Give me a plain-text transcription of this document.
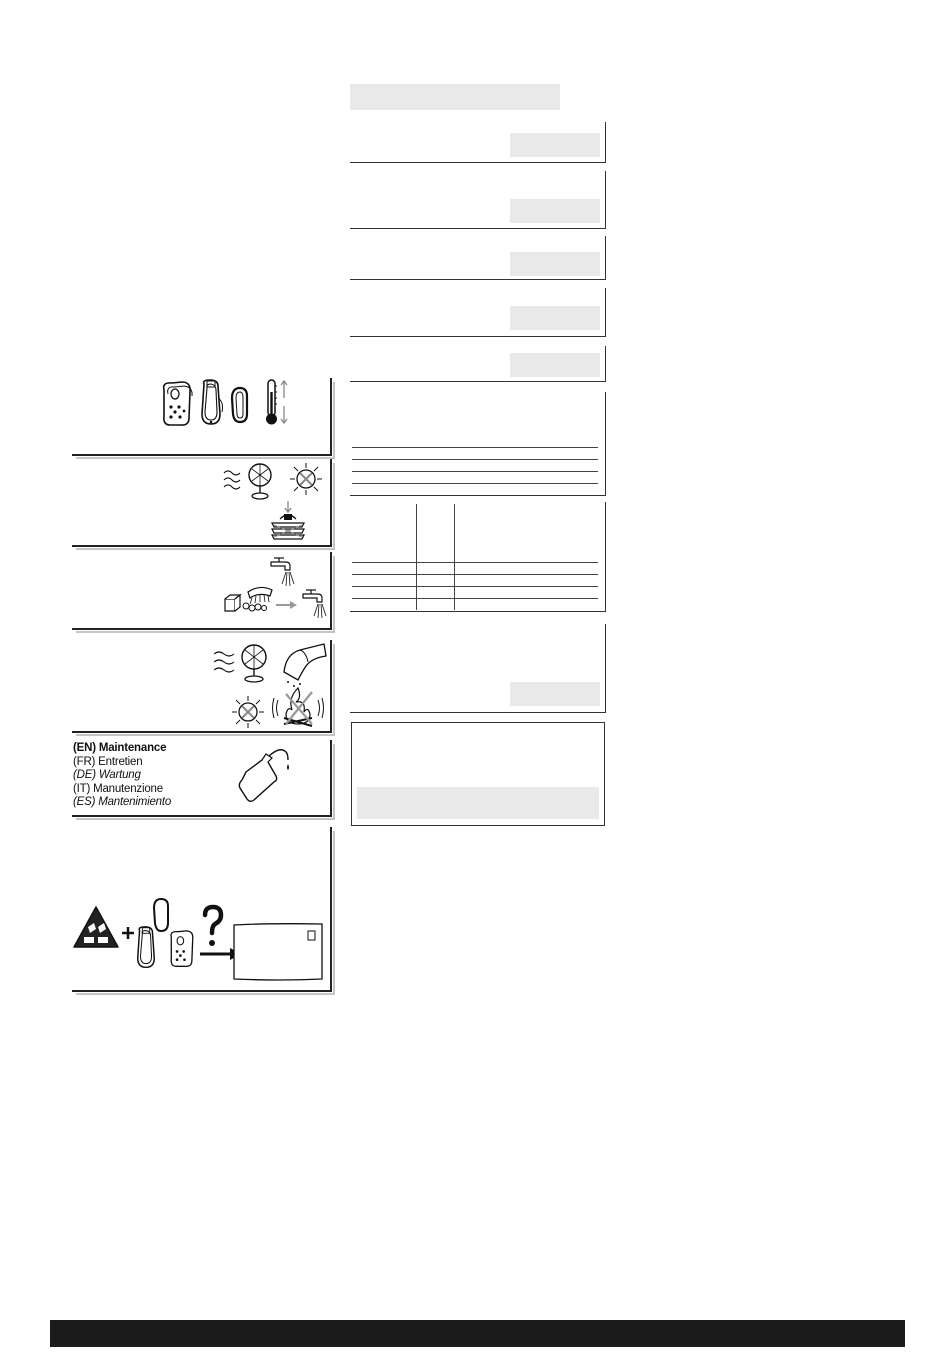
(EN) Maintenance
(FR) Entretien
(DE) Wartung
(IT) Manutenzione
(ES) Mantenimiento
